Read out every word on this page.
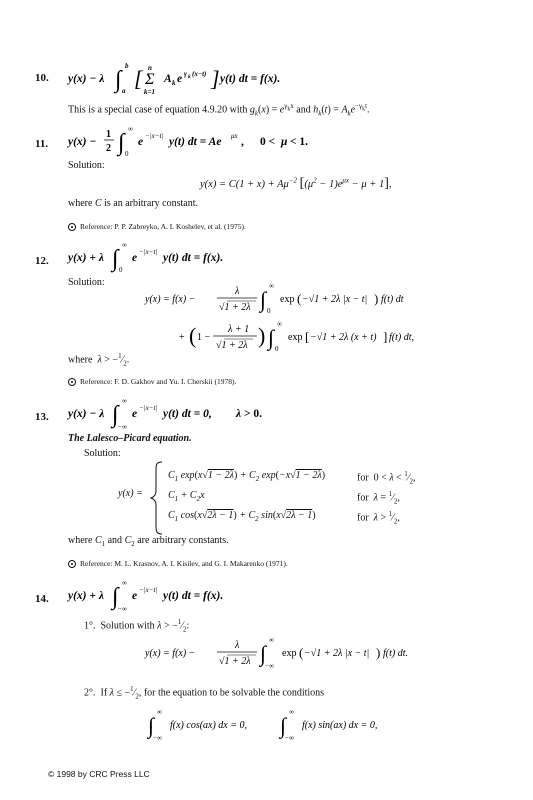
10. y(x) − λ ∫
b
a [ Σ
n
k=1
A k e γ k (x−t) ] y(t) dt = f(x).
This is a special case of equation 4.9.20 with $g_k(x) = e^{\gamma_kx}$ and $h_k(t) = A_ke^{-\gamma_kt}$.
11. y(x) −
1
2 ∫
∞
0
e −|x−t| y(t) dt = Ae μx , 0 < μ < 1.
Solution:
$y(x) = C(1 + x) + A\mu^{-2}$ $[(\mu^2 - 1)e^{\mu x} - \mu + 1]$,
where C is an arbitrary constant.
Reference: P. P. Zabreyko, A. I. Koshelev, et al. (1975).
12. y(x) + λ ∫
∞
0
e −|x−t| y(t) dt = f(x).
Solution:
y(x) = f(x) −
λ
√1 + 2λ ∫
∞
0
exp ( −√1 + 2λ |x − t| ) f(t) dt
+ ( 1 −
λ + 1
√1 + 2λ ) ∫
∞
0
exp [ −√1 + 2λ (x + t) ] f(t) dt,
where  $\lambda > -^1⁄_2$.
Reference: F. D. Gakhov and Yu. I. Cherskii (1978).
13. y(x) − λ ∫
∞
−∞
e −|x−t| y(t) dt = 0, λ > 0.
The Lalesco–Picard equation.
Solution:
y(x) =
$C_1$ $\exp(x√1 - 2\lambda) + C_2$ exp(−x√1 − 2λ)	for  $0 < \lambda < ^1⁄_2$,
$C_1 + C_2x$	for  $\lambda = ^1⁄_2$,
$C_1$ $\cos(x√2\lambda - 1) + C_2$ sin(x√2λ − 1)	for  $\lambda > ^1⁄_2$,
where $C_1$ and $C_2$ are arbitrary constants.
Reference: M. L. Krasnov, A. I. Kisilev, and G. I. Makarenko (1971).
14. y(x) + λ ∫
∞
−∞
e −|x−t| y(t) dt = f(x).
1°.  Solution with $\lambda > -^1⁄_2$:
y(x) = f(x) −
λ
√1 + 2λ ∫
∞
−∞
exp ( −√1 + 2λ |x − t| ) f(t) dt.
2°.  If $\lambda \le -^1⁄_2$, for the equation to be solvable the conditions
∫
∞
−∞
f(x) cos(ax) dx = 0, ∫
∞
−∞
f(x) sin(ax) dx = 0,
© 1998 by CRC Press LLC
